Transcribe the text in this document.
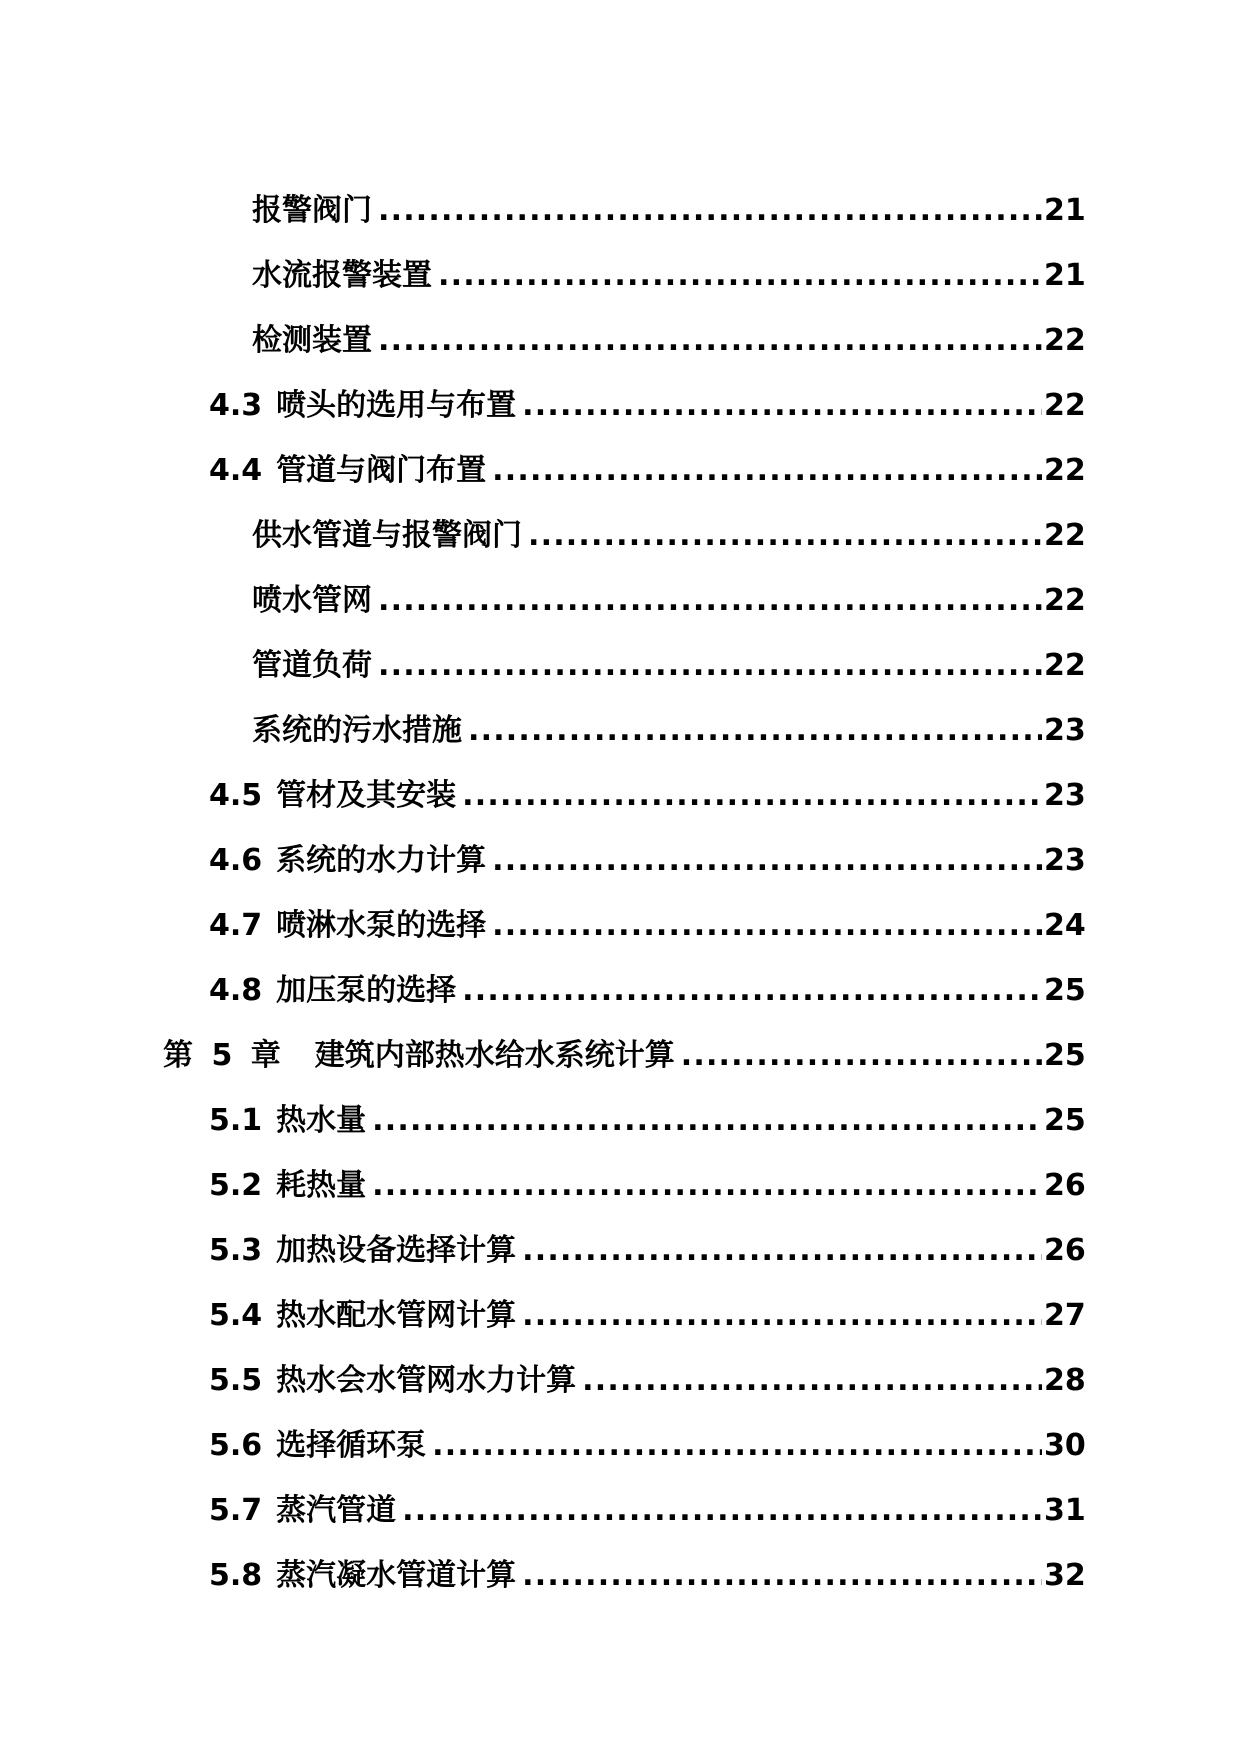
报警阀门 .....	21
水流报警装置 .....	21
检测装置 .....	22
4.3 喷头的选用与布置 .....	22
4.4 管道与阀门布置 .....	22
供水管道与报警阀门 .....	22
喷水管网 .....	22
管道负荷 .....	22
系统的污水措施 .....	23
4.5 管材及其安装 .....	23
4.6 系统的水力计算 .....	23
4.7 喷淋水泵的选择 .....	24
4.8 加压泵的选择 .....	25
第 5 章 建筑内部热水给水系统计算 .....	25
5.1 热水量 .....	25
5.2 耗热量 .....	26
5.3 加热设备选择计算 .....	26
5.4 热水配水管网计算 .....	27
5.5 热水会水管网水力计算 .....	28
5.6 选择循环泵 .....	30
5.7 蒸汽管道 .....	31
5.8 蒸汽凝水管道计算 .....	32
